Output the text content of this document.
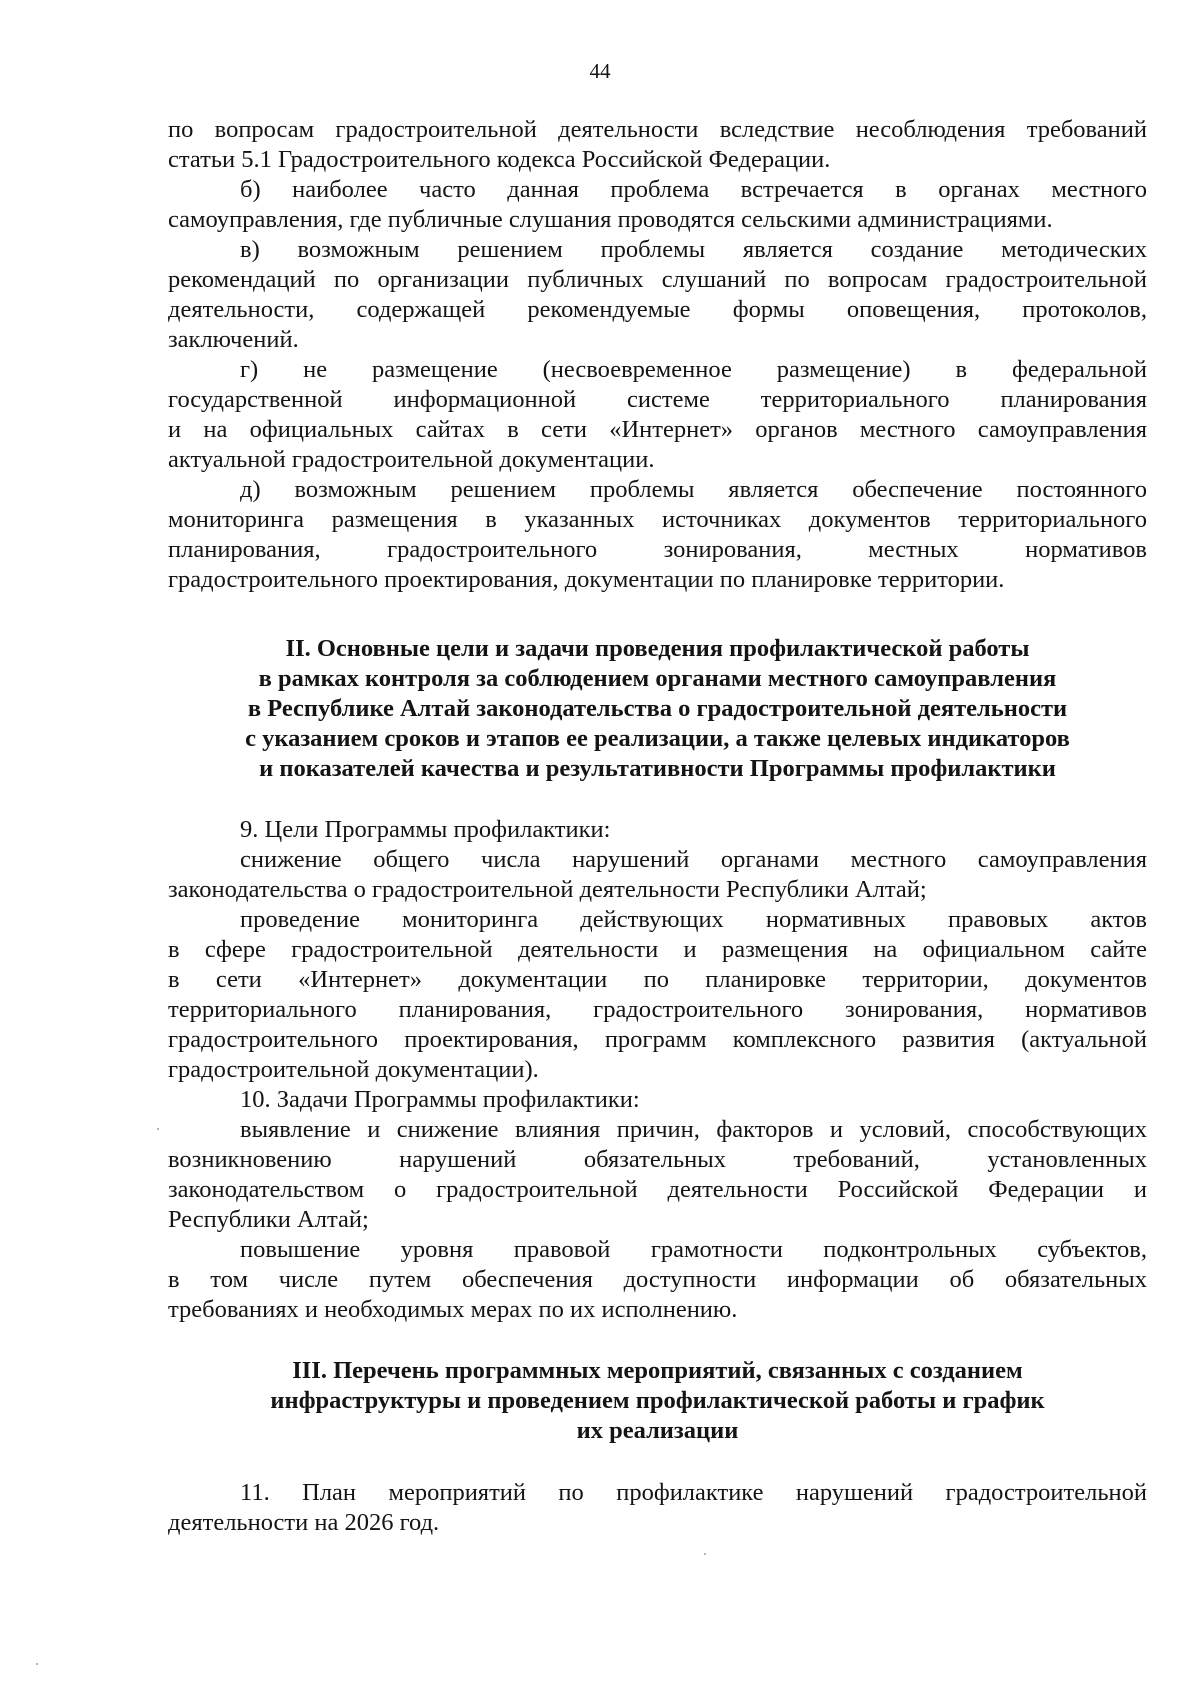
44

по вопросам градостроительной деятельности вследствие несоблюдения требований

статьи 5.1 Градостроительного кодекса Российской Федерации.

б) наиболее часто данная проблема встречается в органах местного

самоуправления, где публичные слушания проводятся сельскими администрациями.

в) возможным решением проблемы является создание методических

рекомендаций по организации публичных слушаний по вопросам градостроительной

деятельности, содержащей рекомендуемые формы оповещения, протоколов,

заключений.

г) не размещение (несвоевременное размещение) в федеральной

государственной информационной системе территориального планирования

и на официальных сайтах в сети «Интернет» органов местного самоуправления

актуальной градостроительной документации.

д) возможным решением проблемы является обеспечение постоянного

мониторинга размещения в указанных источниках документов территориального

планирования, градостроительного зонирования, местных нормативов

градостроительного проектирования, документации по планировке территории.

II. Основные цели и задачи проведения профилактической работы

в рамках контроля за соблюдением органами местного самоуправления

в Республике Алтай законодательства о градостроительной деятельности

с указанием сроков и этапов ее реализации, а также целевых индикаторов

и показателей качества и результативности Программы профилактики

9. Цели Программы профилактики:

снижение общего числа нарушений органами местного самоуправления

законодательства о градостроительной деятельности Республики Алтай;

проведение мониторинга действующих нормативных правовых актов

в сфере градостроительной деятельности и размещения на официальном сайте

в сети «Интернет» документации по планировке территории, документов

территориального планирования, градостроительного зонирования, нормативов

градостроительного проектирования, программ комплексного развития (актуальной

градостроительной документации).

10. Задачи Программы профилактики:

выявление и снижение влияния причин, факторов и условий, способствующих

возникновению нарушений обязательных требований, установленных

законодательством о градостроительной деятельности Российской Федерации и

Республики Алтай;

повышение уровня правовой грамотности подконтрольных субъектов,

в том числе путем обеспечения доступности информации об обязательных

требованиях и необходимых мерах по их исполнению.

III. Перечень программных мероприятий, связанных с созданием

инфраструктуры и проведением профилактической работы и график

их реализации

11. План мероприятий по профилактике нарушений градостроительной

деятельности на 2026 год.
